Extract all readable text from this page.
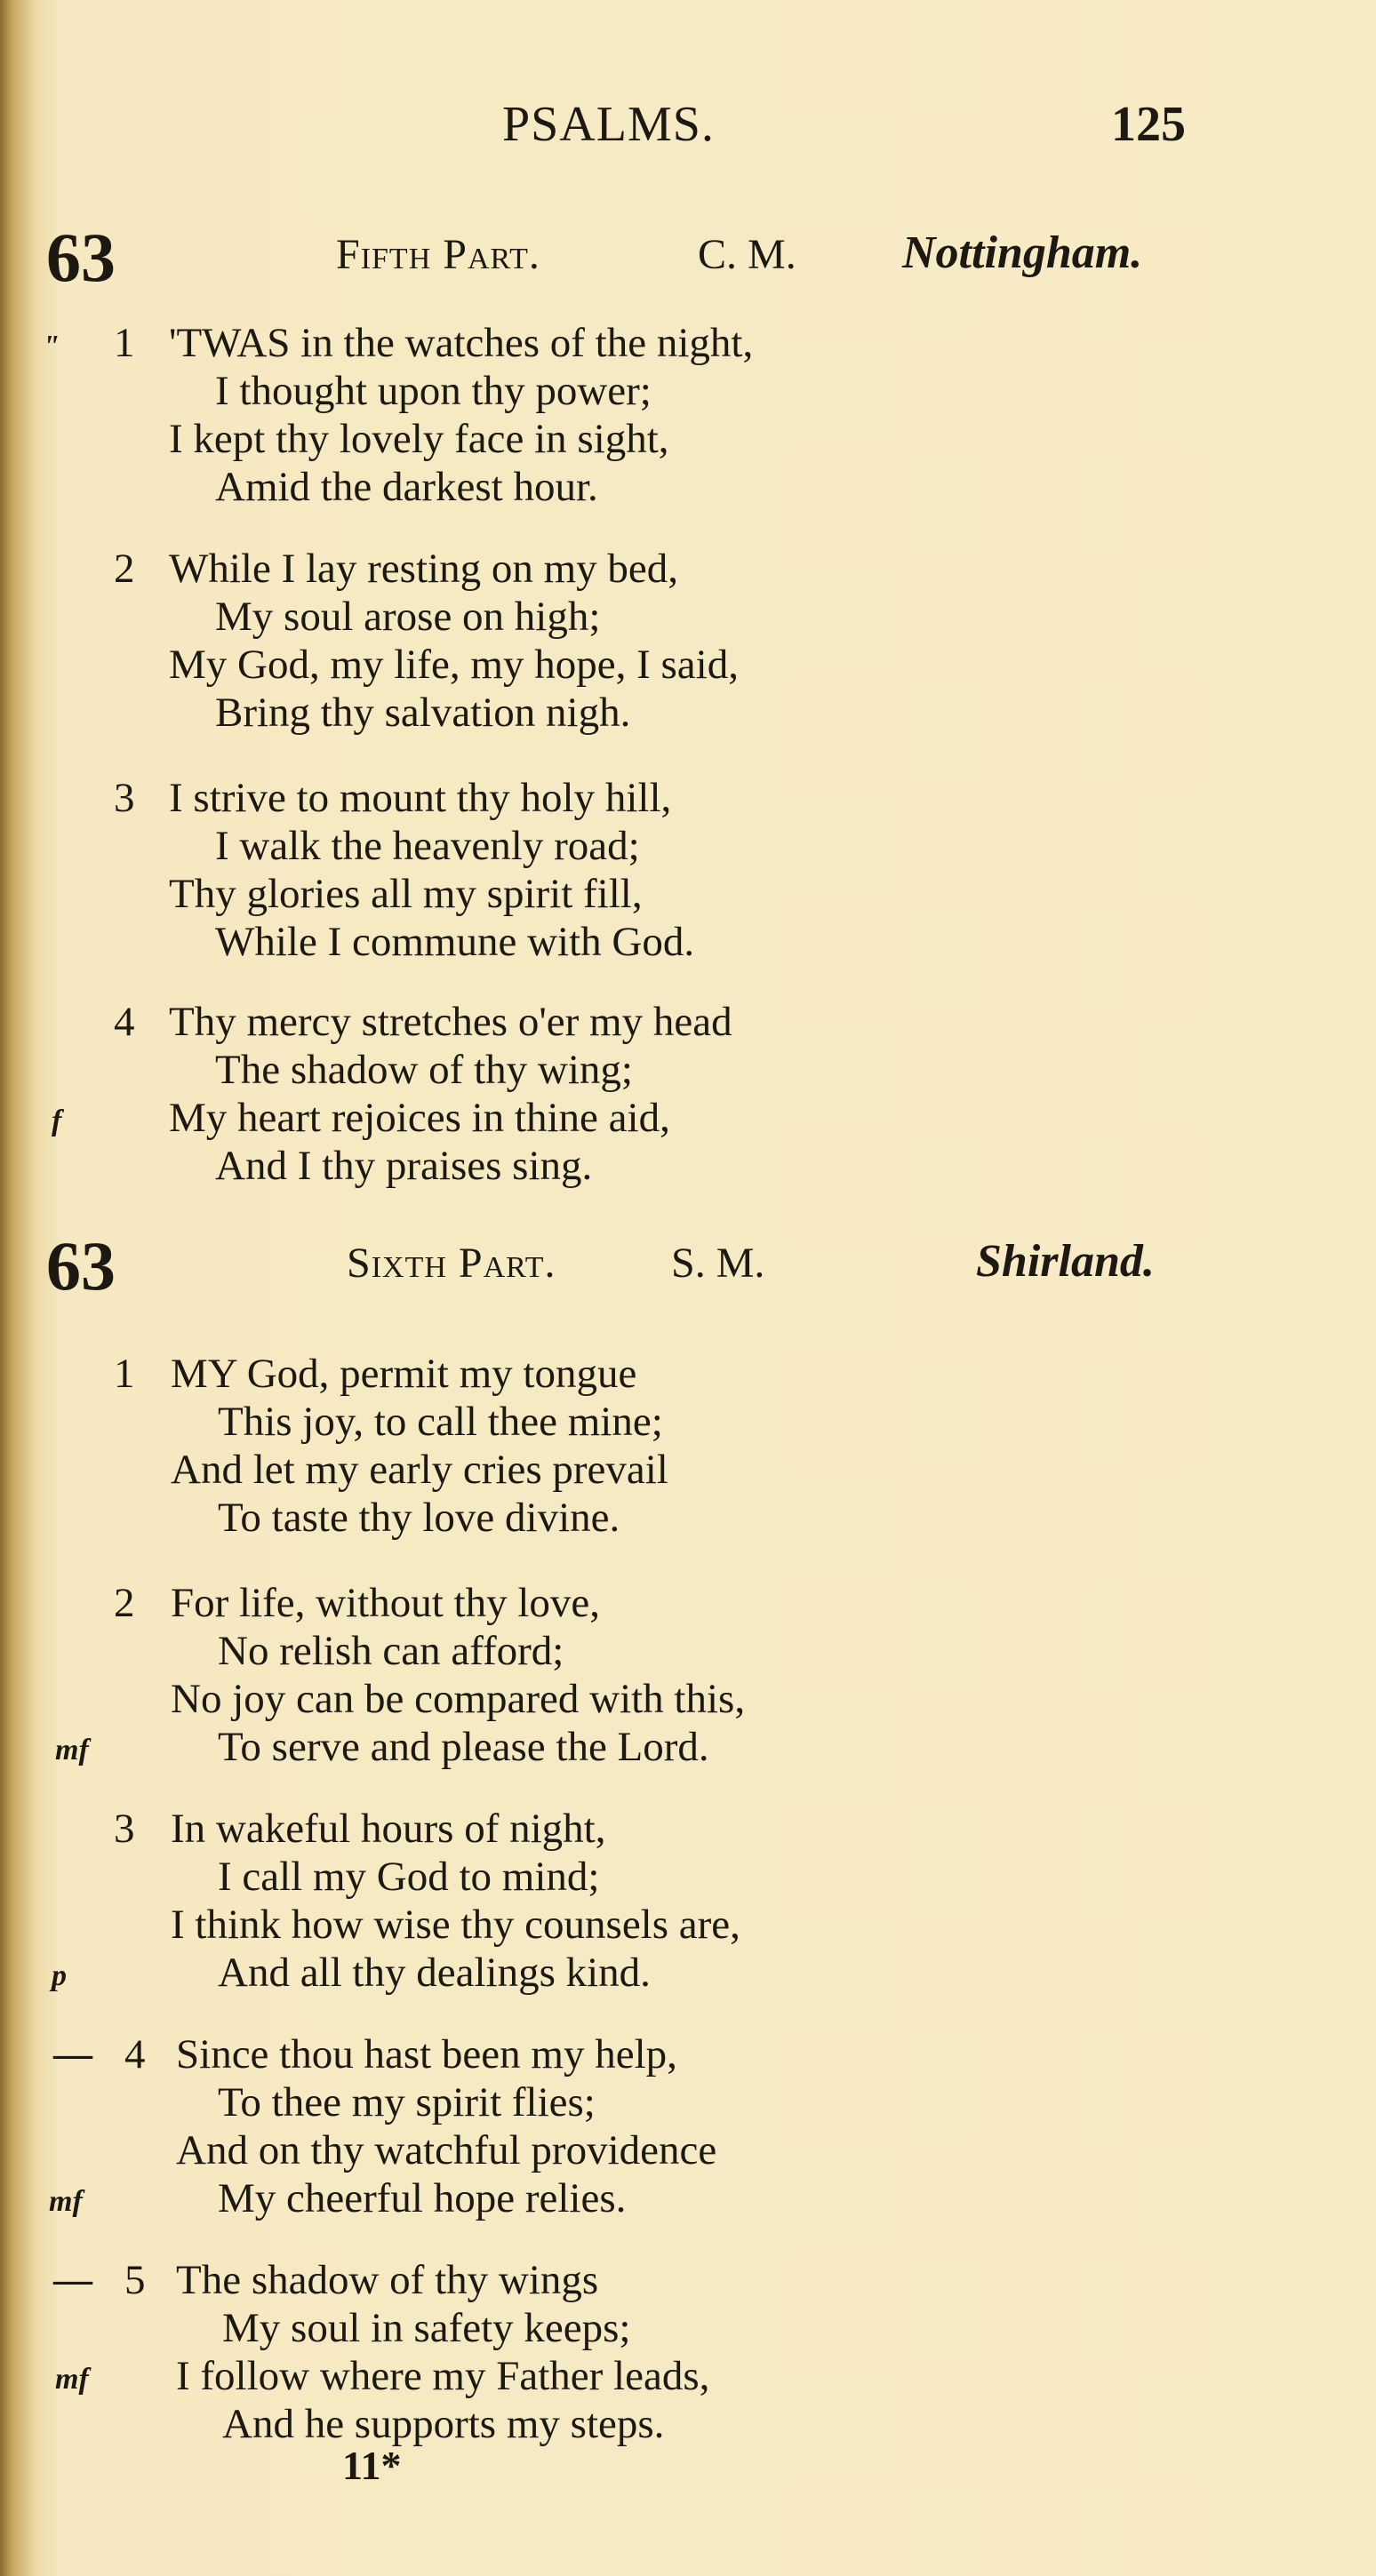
PSALMS.	125
63	Fifth Part.	C. M. Nottingham.
" 1 'TWAS in the watches of the night,
I thought upon thy power;
I kept thy lovely face in sight,
Amid the darkest hour.
2 While I lay resting on my bed,
My soul arose on high;
My God, my life, my hope, I said,
Bring thy salvation nigh.
3 I strive to mount thy holy hill,
I walk the heavenly road;
Thy glories all my spirit fill,
While I commune with God.
4 Thy mercy stretches o'er my head
The shadow of thy wing;
f	My heart rejoices in thine aid,
And I thy praises sing.
63	Sixth Part.	S. M.	Shirland.
1 MY God, permit my tongue
This joy, to call thee mine;
And let my early cries prevail
To taste thy love divine.
2 For life, without thy love,
No relish can afford;
No joy can be compared with this,
mf	To serve and please the Lord.
3 In wakeful hours of night,
I call my God to mind;
I think how wise thy counsels are,
p	And all thy dealings kind.
— 4 Since thou hast been my help,
To thee my spirit flies;
And on thy watchful providence
mf	My cheerful hope relies.
— 5 The shadow of thy wings
My soul in safety keeps;
mf I follow where my Father leads,
And he supports my steps.
11*
